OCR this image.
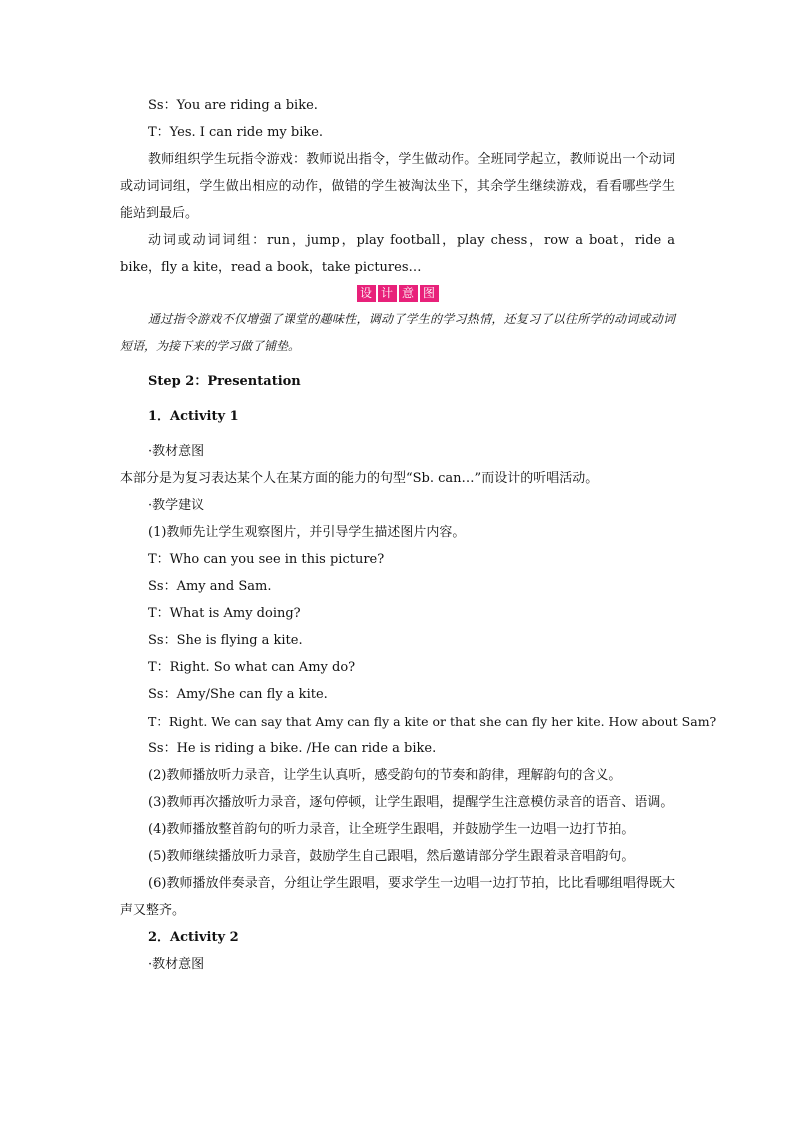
Ss：You are riding a bike.

T：Yes. I can ride my bike.

教师组织学生玩指令游戏：教师说出指令，学生做动作。全班同学起立，教师说出一个动词或动词词组，学生做出相应的动作，做错的学生被淘汰坐下，其余学生继续游戏，看看哪些学生能站到最后。

动词或动词词组：run，jump，play football，play chess，row a boat，ride a bike，fly a kite，read a book，take pictures…

设 计 意 图

通过指令游戏不仅增强了课堂的趣味性，调动了学生的学习热情，还复习了以往所学的动词或动词短语，为接下来的学习做了铺垫。

Step 2：Presentation

1．Activity 1

·教材意图

本部分是为复习表达某个人在某方面的能力的句型“Sb. can…”而设计的听唱活动。

·教学建议

(1)教师先让学生观察图片，并引导学生描述图片内容。

T：Who can you see in this picture?

Ss：Amy and Sam.

T：What is Amy doing?

Ss：She is flying a kite.

T：Right. So what can Amy do?

Ss：Amy/She can fly a kite.

T：Right. We can say that Amy can fly a kite or that she can fly her kite. How about Sam?

Ss：He is riding a bike. /He can ride a bike.

(2)教师播放听力录音，让学生认真听，感受韵句的节奏和韵律，理解韵句的含义。

(3)教师再次播放听力录音，逐句停顿，让学生跟唱，提醒学生注意模仿录音的语音、语调。

(4)教师播放整首韵句的听力录音，让全班学生跟唱，并鼓励学生一边唱一边打节拍。

(5)教师继续播放听力录音，鼓励学生自己跟唱，然后邀请部分学生跟着录音唱韵句。

(6)教师播放伴奏录音，分组让学生跟唱，要求学生一边唱一边打节拍，比比看哪组唱得既大声又整齐。

2．Activity 2

·教材意图
